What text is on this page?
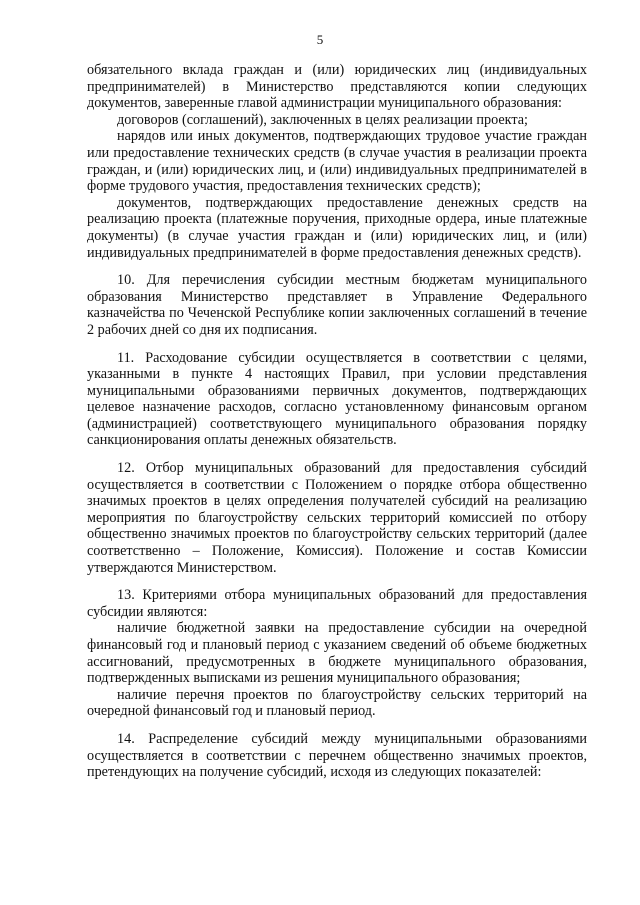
5

обязательного вклада граждан и (или) юридических лиц (индивидуальных предпринимателей) в Министерство представляются копии следующих документов, заверенные главой администрации муниципального образования:

договоров (соглашений), заключенных в целях реализации проекта;

нарядов или иных документов, подтверждающих трудовое участие граждан или предоставление технических средств (в случае участия в реализации проекта граждан, и (или) юридических лиц, и (или) индивидуальных предпринимателей в форме трудового участия, предоставления технических средств);

документов, подтверждающих предоставление денежных средств на реализацию проекта (платежные поручения, приходные ордера, иные платежные документы) (в случае участия граждан и (или) юридических лиц, и (или) индивидуальных предпринимателей в форме предоставления денежных средств).

10. Для перечисления субсидии местным бюджетам муниципального образования Министерство представляет в Управление Федерального казначейства по Чеченской Республике копии заключенных соглашений в течение 2 рабочих дней со дня их подписания.

11. Расходование субсидии осуществляется в соответствии с целями, указанными в пункте 4 настоящих Правил, при условии представления муниципальными образованиями первичных документов, подтверждающих целевое назначение расходов, согласно установленному финансовым органом (администрацией) соответствующего муниципального образования порядку санкционирования оплаты денежных обязательств.

12. Отбор муниципальных образований для предоставления субсидий осуществляется в соответствии с Положением о порядке отбора общественно значимых проектов в целях определения получателей субсидий на реализацию мероприятия по благоустройству сельских территорий комиссией по отбору общественно значимых проектов по благоустройству сельских территорий (далее соответственно – Положение, Комиссия). Положение и состав Комиссии утверждаются Министерством.

13. Критериями отбора муниципальных образований для предоставления субсидии являются:

наличие бюджетной заявки на предоставление субсидии на очередной финансовый год и плановый период с указанием сведений об объеме бюджетных ассигнований, предусмотренных в бюджете муниципального образования, подтвержденных выписками из решения муниципального образования;

наличие перечня проектов по благоустройству сельских территорий на очередной финансовый год и плановый период.

14. Распределение субсидий между муниципальными образованиями осуществляется в соответствии с перечнем общественно значимых проектов, претендующих на получение субсидий, исходя из следующих показателей:
